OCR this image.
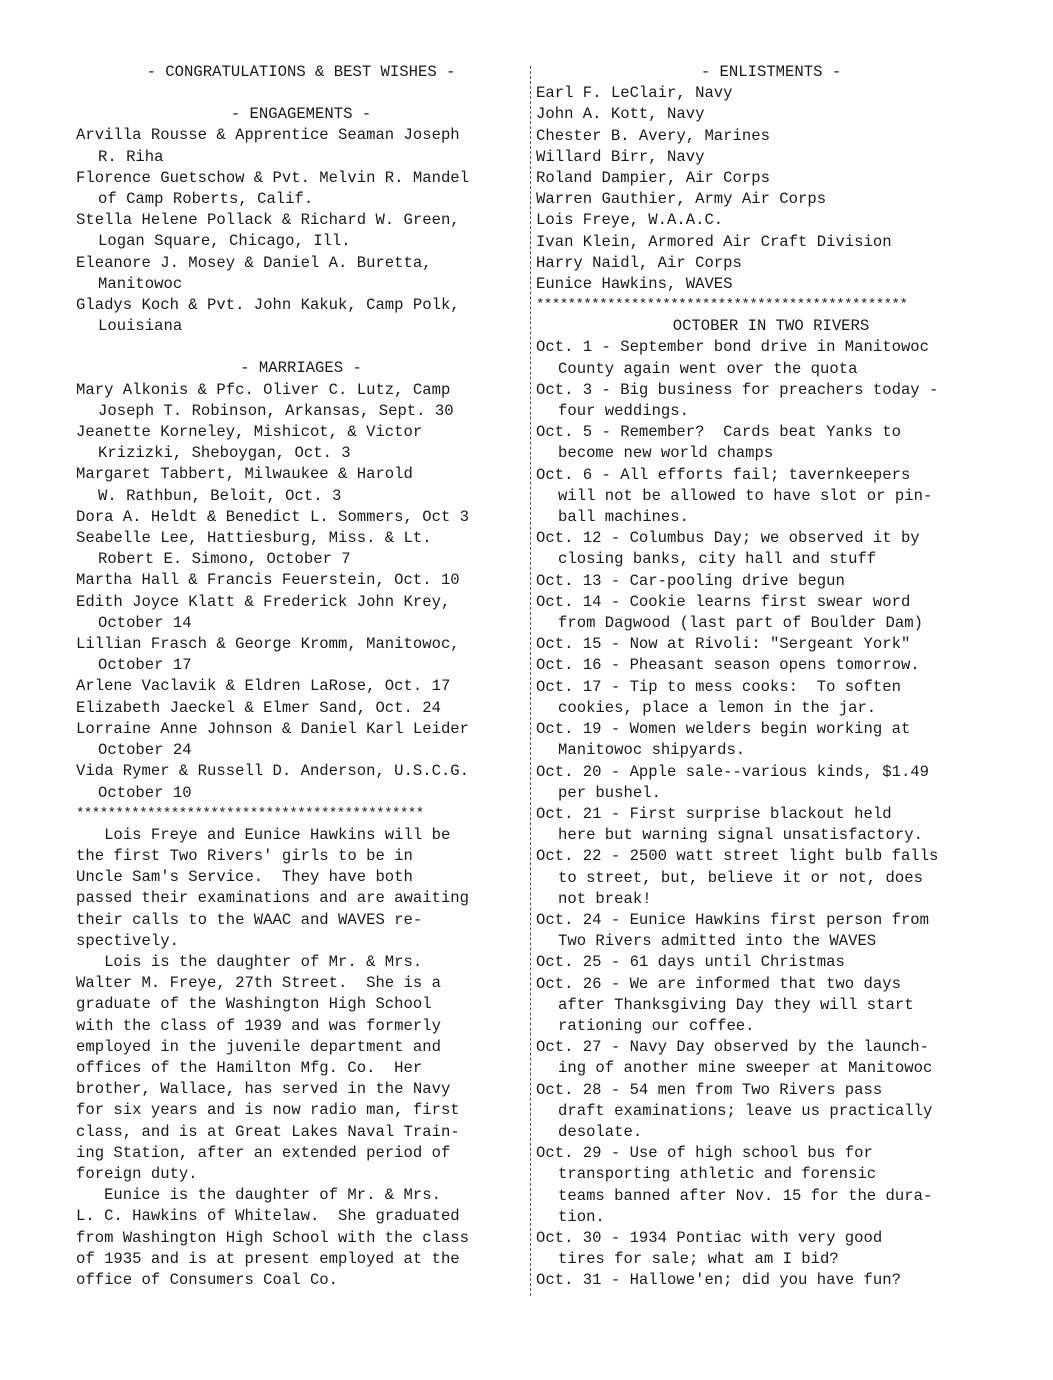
- CONGRATULATIONS & BEST WISHES -
- ENGAGEMENTS -
Arvilla Rousse & Apprentice Seaman Joseph
R. Riha
Florence Guetschow & Pvt. Melvin R. Mandel
of Camp Roberts, Calif.
Stella Helene Pollack & Richard W. Green,
Logan Square, Chicago, Ill.
Eleanore J. Mosey & Daniel A. Buretta,
Manitowoc
Gladys Koch & Pvt. John Kakuk, Camp Polk,
Louisiana
- MARRIAGES -
Mary Alkonis & Pfc. Oliver C. Lutz, Camp
Joseph T. Robinson, Arkansas, Sept. 30
Jeanette Korneley, Mishicot, & Victor
Krizizki, Sheboygan, Oct. 3
Margaret Tabbert, Milwaukee & Harold
W. Rathbun, Beloit, Oct. 3
Dora A. Heldt & Benedict L. Sommers, Oct 3
Seabelle Lee, Hattiesburg, Miss. & Lt.
Robert E. Simono, October 7
Martha Hall & Francis Feuerstein, Oct. 10
Edith Joyce Klatt & Frederick John Krey,
October 14
Lillian Frasch & George Kromm, Manitowoc,
October 17
Arlene Vaclavik & Eldren LaRose, Oct. 17
Elizabeth Jaeckel & Elmer Sand, Oct. 24
Lorraine Anne Johnson & Daniel Karl Leider
October 24
Vida Rymer & Russell D. Anderson, U.S.C.G.
October 10
********************************************
Lois Freye and Eunice Hawkins will be
the first Two Rivers' girls to be in
Uncle Sam's Service.  They have both
passed their examinations and are awaiting
their calls to the WAAC and WAVES re-
spectively.
Lois is the daughter of Mr. & Mrs.
Walter M. Freye, 27th Street.  She is a
graduate of the Washington High School
with the class of 1939 and was formerly
employed in the juvenile department and
offices of the Hamilton Mfg. Co.  Her
brother, Wallace, has served in the Navy
for six years and is now radio man, first
class, and is at Great Lakes Naval Train-
ing Station, after an extended period of
foreign duty.
Eunice is the daughter of Mr. & Mrs.
L. C. Hawkins of Whitelaw.  She graduated
from Washington High School with the class
of 1935 and is at present employed at the
office of Consumers Coal Co.
- ENLISTMENTS -
Earl F. LeClair, Navy
John A. Kott, Navy
Chester B. Avery, Marines
Willard Birr, Navy
Roland Dampier, Air Corps
Warren Gauthier, Army Air Corps
Lois Freye, W.A.A.C.
Ivan Klein, Armored Air Craft Division
Harry Naidl, Air Corps
Eunice Hawkins, WAVES
***********************************************
OCTOBER IN TWO RIVERS
Oct. 1 - September bond drive in Manitowoc
County again went over the quota
Oct. 3 - Big business for preachers today -
four weddings.
Oct. 5 - Remember?  Cards beat Yanks to
become new world champs
Oct. 6 - All efforts fail; tavernkeepers
will not be allowed to have slot or pin-
ball machines.
Oct. 12 - Columbus Day; we observed it by
closing banks, city hall and stuff
Oct. 13 - Car-pooling drive begun
Oct. 14 - Cookie learns first swear word
from Dagwood (last part of Boulder Dam)
Oct. 15 - Now at Rivoli: "Sergeant York"
Oct. 16 - Pheasant season opens tomorrow.
Oct. 17 - Tip to mess cooks:  To soften
cookies, place a lemon in the jar.
Oct. 19 - Women welders begin working at
Manitowoc shipyards.
Oct. 20 - Apple sale--various kinds, $1.49
per bushel.
Oct. 21 - First surprise blackout held
here but warning signal unsatisfactory.
Oct. 22 - 2500 watt street light bulb falls
to street, but, believe it or not, does
not break!
Oct. 24 - Eunice Hawkins first person from
Two Rivers admitted into the WAVES
Oct. 25 - 61 days until Christmas
Oct. 26 - We are informed that two days
after Thanksgiving Day they will start
rationing our coffee.
Oct. 27 - Navy Day observed by the launch-
ing of another mine sweeper at Manitowoc
Oct. 28 - 54 men from Two Rivers pass
draft examinations; leave us practically
desolate.
Oct. 29 - Use of high school bus for
transporting athletic and forensic
teams banned after Nov. 15 for the dura-
tion.
Oct. 30 - 1934 Pontiac with very good
tires for sale; what am I bid?
Oct. 31 - Hallowe'en; did you have fun?
